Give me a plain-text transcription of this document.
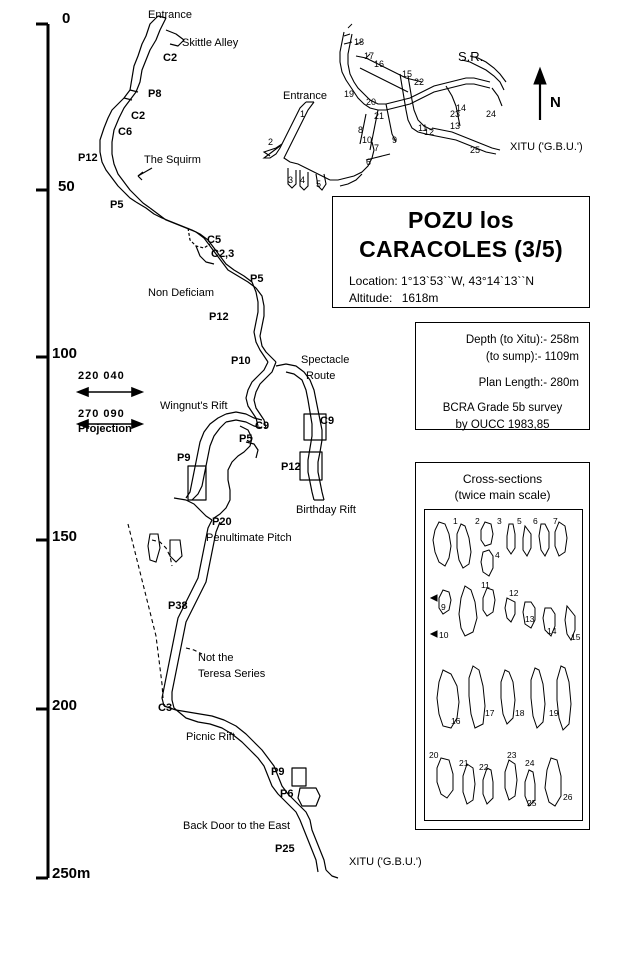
Cross-sections
(twice main scale)
1 2 3
4
5 6 7
9
10
11
12
13
14
15
16
17 18	19
20
21 22
23
24
25
26
POZU los
CARACOLES (3/5)
Location: 1°13`53``W, 43°14`13``N
Altitude: 1618m
Depth (to Xitu):- 258m
(to sump):- 1109m
Plan Length:- 280m
BCRA Grade 5b survey
by OUCC 1983,85
220 040
270 090
Projection
N
0
50
100
150
200
250m
Entrance
Skittle Alley
The Squirm
Non Deficiam
Spectacle
Route
Wingnut's Rift
Birthday Rift
Penultimate Pitch
Not the
Teresa Series
Picnic Rift
Back Door to the East
XITU ('G.B.U.')
C2
P8
C2
C6
P12
P5
C5
C2,3
P5
P12
P10
C9	C9
P5
P9
P12
P20
P38
C3
P9
P6
P25
Entrance
S.R.
XITU ('G.B.U.')
1
2
3 4 5
6
7
8
9
10
11
12
13
14
15
16
17
18
19
20
21
22
23	24
25
